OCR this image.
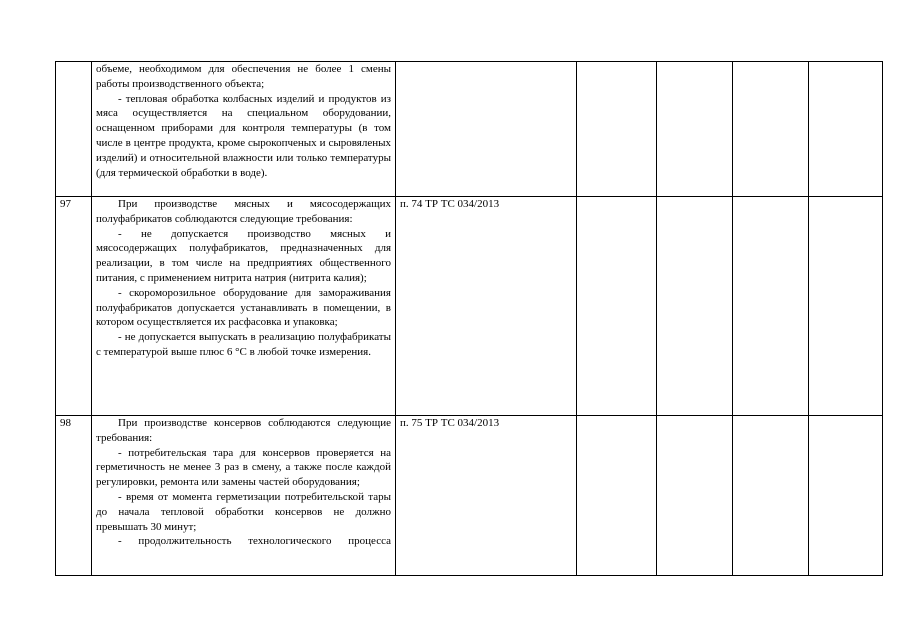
	объеме, необходимом для обеспечения не более 1 смены работы производственного объекта;

- тепловая обработка колбасных изделий и продуктов из мяса осуществляется на специальном оборудовании, оснащенном приборами для контроля температуры (в том числе в центре продукта, кроме сырокопченых и сыровяленых изделий) и относительной влажности или только температуры (для термической обработки в воде).					

97	При производстве мясных и мясосодержащих полуфабрикатов соблюдаются следующие требования:

- не допускается производство мясных и мясосодержащих полуфабрикатов, предназначенных для реализации, в том числе на предприятиях общественного питания, с применением нитрита натрия (нитрита калия);

- скороморозильное оборудование для замораживания полуфабрикатов допускается устанавливать в помещении, в котором осуществляется их расфасовка и упаковка;

- не допускается выпускать в реализацию полуфабрикаты с температурой выше плюс 6 °С в любой точке измерения.	п. 74 ТР ТС 034/2013				
98	При производстве консервов соблюдаются следующие требования:

- потребительская тара для консервов проверяется на герметичность не менее 3 раз в смену, а также после каждой регулировки, ремонта или замены частей оборудования;

- время от момента герметизации потребительской тары до начала тепловой обработки консервов не должно превышать 30 минут;

- продолжительность технологического процесса	п. 75 ТР ТС 034/2013				
